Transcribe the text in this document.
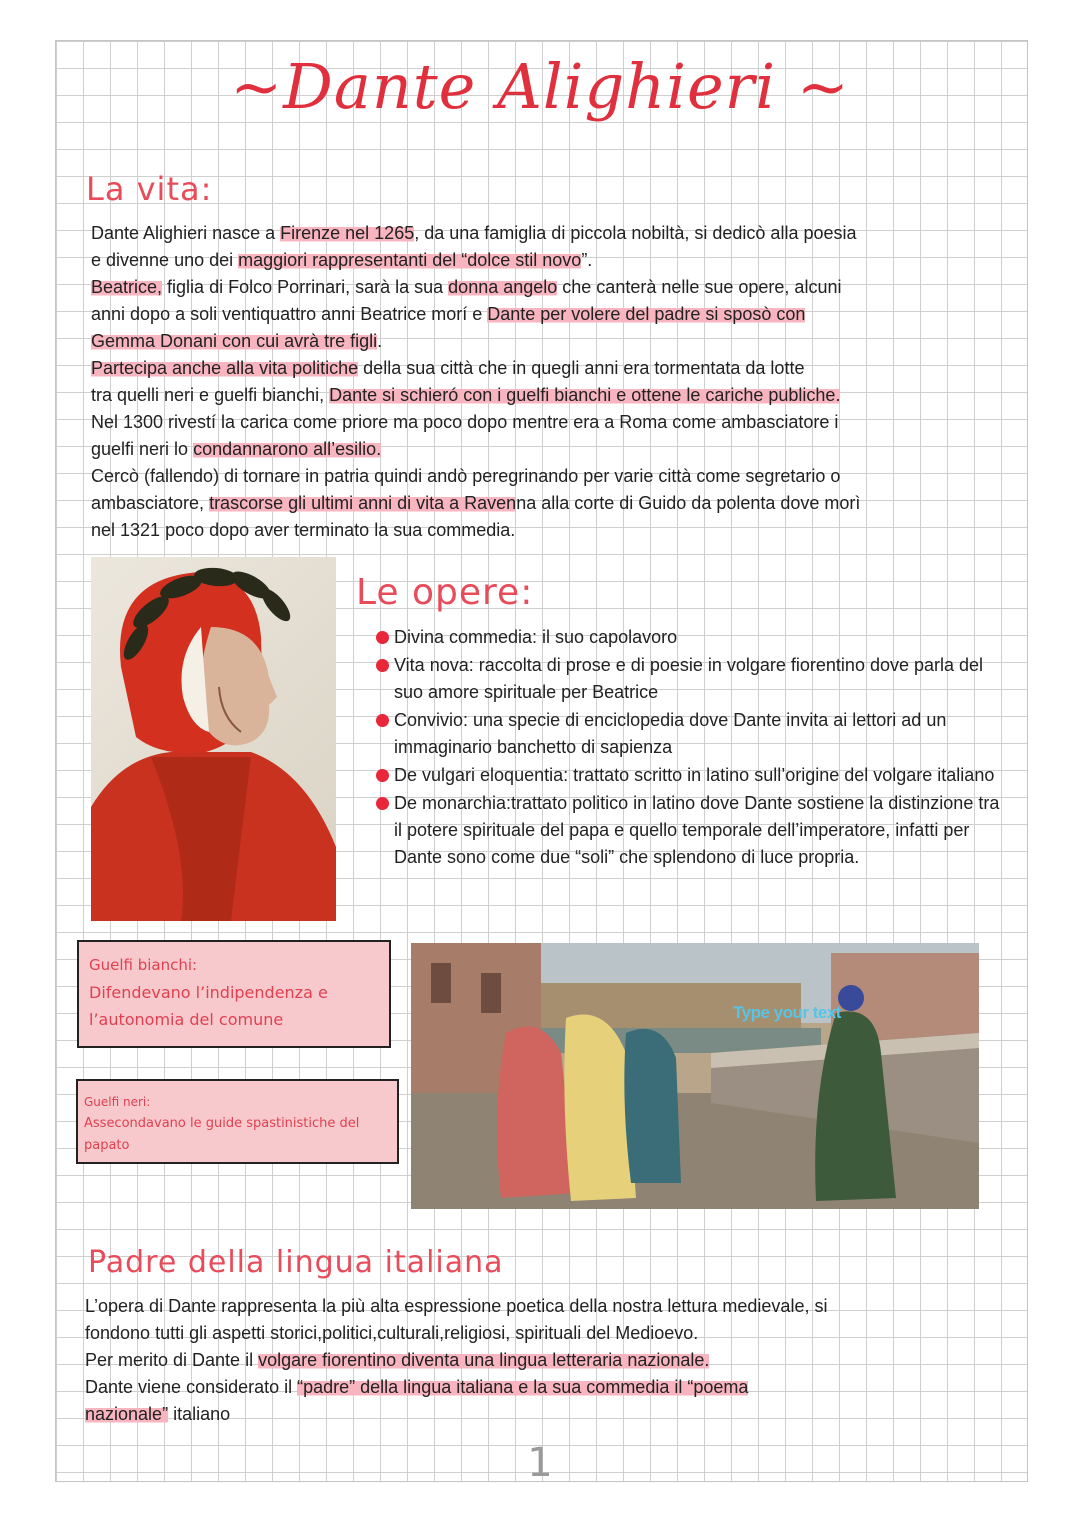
~Dante Alighieri ~
La vita:

Dante Alighieri nasce a Firenze nel 1265, da una famiglia di piccola nobiltà, si dedicò alla poesia

e divenne uno dei maggiori rappresentanti del “dolce stil novo”.

Beatrice, figlia di Folco Porrinari, sarà la sua donna angelo che canterà nelle sue opere, alcuni

anni dopo a soli ventiquattro anni Beatrice morí e Dante per volere del padre si sposò con

Gemma Donani con cui avrà tre figli.

Partecipa anche alla vita politiche della sua città che in quegli anni era tormentata da lotte

tra quelli neri e guelfi bianchi, Dante si schieró con i guelfi bianchi e ottene le cariche publiche.

Nel 1300 rivestí la carica come priore ma poco dopo mentre era a Roma come ambasciatore i

guelfi neri lo condannarono all’esilio.

Cercò (fallendo) di tornare in patria quindi andò peregrinando per varie città come segretario o

ambasciatore, trascorse gli ultimi anni di vita a Ravenna alla corte di Guido da polenta dove morì

nel 1321 poco dopo aver terminato la sua commedia.

Le opere:
Divina commedia: il suo capolavoro
Vita nova: raccolta di prose e di poesie in volgare fiorentino dove parla del suo amore spirituale per Beatrice
Convivio: una specie di enciclopedia dove Dante invita ai lettori ad un immaginario banchetto di sapienza
De vulgari eloquentia: trattato scritto in latino sull’origine del volgare italiano
De monarchia:trattato politico in latino dove Dante sostiene la distinzione tra il potere spirituale del papa e quello temporale dell’imperatore, infatti per Dante sono come due “soli” che splendono di luce propria.

Guelfi bianchi:

Difendevano l’indipendenza e l’autonomia del comune

Guelfi neri:

Assecondavano le guide spastinistiche del papato

Type your text
Padre della lingua italiana

L’opera di Dante rappresenta la più alta espressione poetica della nostra lettura medievale, si

fondono tutti gli aspetti storici,politici,culturali,religiosi, spirituali del Medioevo.

Per merito di Dante il volgare fiorentino diventa una lingua letteraria nazionale.

Dante viene considerato il “padre” della lingua italiana e la sua commedia il “poema

nazionale” italiano

1
